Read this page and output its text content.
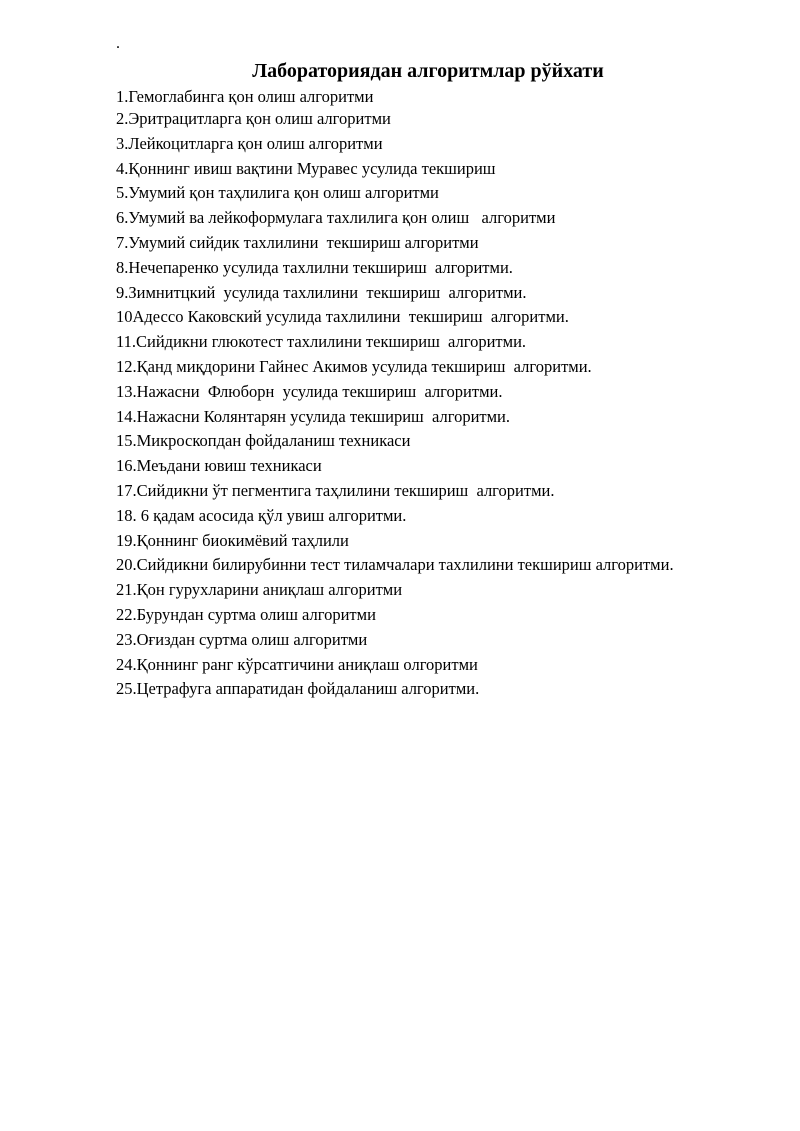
.
Лабораториядан алгоритмлар рўйхати
1.Гемоглабинга қон олиш алгоритми
2.Эритрацитларга қон олиш алгоритми
3.Лейкоцитларга қон олиш алгоритми
4.Қоннинг ивиш вақтини Муравес усулида текшириш
5.Умумий қон таҳлилига қон олиш алгоритми
6.Умумий ва лейкоформулага тахлилига қон олиш   алгоритми
7.Умумий сийдик тахлилини  текшириш алгоритми
8.Нечепаренко усулида тахлилни текшириш  алгоритми.
9.Зимнитцкий  усулида тахлилини  текшириш  алгоритми.
10Адессо Каковский усулида тахлилини  текшириш  алгоритми.
11.Сийдикни глюкотест тахлилини текшириш  алгоритми.
12.Қанд миқдорини Гайнес Акимов усулида текшириш  алгоритми.
13.Нажасни  Флюборн  усулида текшириш  алгоритми.
14.Нажасни Колянтарян усулида текшириш  алгоритми.
15.Микроскопдан фойдаланиш техникаси
16.Меъдани ювиш техникаси
17.Сийдикни ўт пегментига таҳлилини текшириш  алгоритми.
18. 6 қадам асосида қўл увиш алгоритми.
19.Қоннинг биокимёвий таҳлили
20.Сийдикни билирубинни тест тиламчалари тахлилини текшириш алгоритми.
21.Қон гурухларини аниқлаш алгоритми
22.Бурундан суртма олиш алгоритми
23.Оғиздан суртма олиш алгоритми
24.Қоннинг ранг кўрсатгичини аниқлаш олгоритми
25.Цетрафуга аппаратидан фойдаланиш алгоритми.
